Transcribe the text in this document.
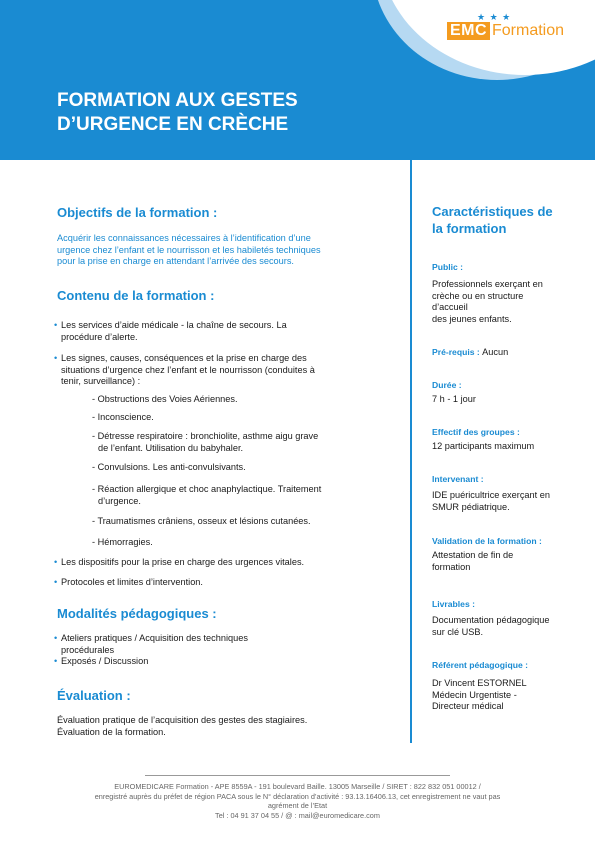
★ ★ ★
EMC Formation
FORMATION AUX GESTES
D’URGENCE EN CRÈCHE
Objectifs de la formation :

Acquérir les connaissances nécessaires à l’identification d’une
urgence chez l’enfant et le nourrisson et les habiletés techniques
pour la prise en charge en attendant l’arrivée des secours.

Contenu de la formation :
• Les services d’aide médicale - la chaîne de secours. La
procédure d’alerte.
• Les signes, causes, conséquences et la prise en charge des
situations d’urgence chez l’enfant et le nourrisson (conduites à
tenir, surveillance) :
- Obstructions des Voies Aériennes.
- Inconscience.
- Détresse respiratoire : bronchiolite, asthme aigu grave
de l’enfant. Utilisation du babyhaler.
- Convulsions. Les anti-convulsivants.
- Réaction allergique et choc anaphylactique. Traitement
d’urgence.
- Traumatismes crâniens, osseux et lésions cutanées.
- Hémorragies.
• Les dispositifs pour la prise en charge des urgences vitales.
• Protocoles et limites d’intervention.
Modalités pédagogiques :
• Ateliers pratiques / Acquisition des techniques
procédurales
• Exposés / Discussion
Évaluation :

Évaluation pratique de l’acquisition des gestes des stagiaires.
Évaluation de la formation.

Caractéristiques de
la formation

Public :

Professionnels exerçant en
crèche ou en structure
d’accueil
des jeunes enfants.

Pré-requis : Aucun

Durée :

7 h - 1 jour

Effectif des groupes :

12 participants maximum

Intervenant :

IDE puéricultrice exerçant en
SMUR pédiatrique.

Validation de la formation :

Attestation de fin de
formation

Livrables :

Documentation pédagogique
sur clé USB.

Référent pédagogique :

Dr Vincent ESTORNEL
Médecin Urgentiste -
Directeur médical

EUROMEDICARE Formation - APE 8559A - 191 boulevard Baille. 13005 Marseille / SIRET : 822 832 051 00012 /
enregistré auprès du préfet de région PACA sous le N° déclaration d’activité : 93.13.16406.13, cet enregistrement ne vaut pas
agrément de l’Etat
Tel : 04 91 37 04 55 / @ : mail@euromedicare.com
